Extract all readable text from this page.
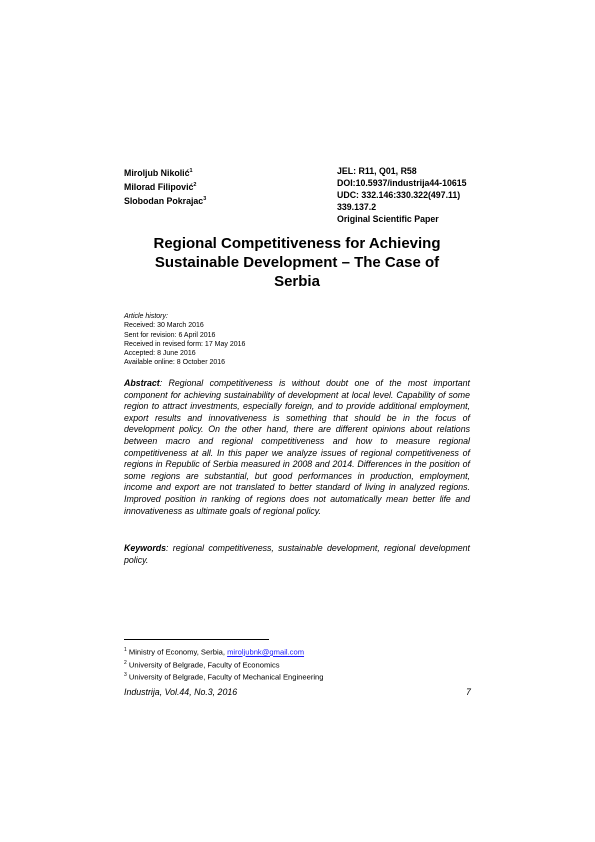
Miroljub Nikolić$^1$
Milorad Filipović$^2$
Slobodan Pokrajac$^3$
JEL: R11, Q01, R58
DOI:10.5937/industrija44-10615
UDC: 332.146:330.322(497.11)
339.137.2
Original Scientific Paper
Regional Competitiveness for Achieving
Sustainable Development – The Case of
Serbia
Article history:
Received: 30 March 2016
Sent for revision: 6 April 2016
Received in revised form: 17 May 2016
Accepted: 8 June 2016
Available online: 8 October 2016
Abstract: Regional competitiveness is without doubt one of the most important component for achieving sustainability of development at local level. Capability of some region to attract investments, especially foreign, and to provide additional employment, export results and innovativeness is something that should be in the focus of development policy. On the other hand, there are different opinions about relations between macro and regional competitiveness and how to measure regional competitiveness at all. In this paper we analyze issues of regional competitiveness of regions in Republic of Serbia measured in 2008 and 2014. Differences in the position of some regions are substantial, but good performances in production, employment, income and export are not translated to better standard of living in analyzed regions. Improved position in ranking of regions does not automatically mean better life and innovativeness as ultimate goals of regional policy.
Keywords: regional competitiveness, sustainable development, regional development policy.
$^1$ Ministry of Economy, Serbia, miroljubnk@gmail.com
$^2$ University of Belgrade, Faculty of Economics
$^3$ University of Belgrade, Faculty of Mechanical Engineering
Industrija, Vol.44, No.3, 2016	7
